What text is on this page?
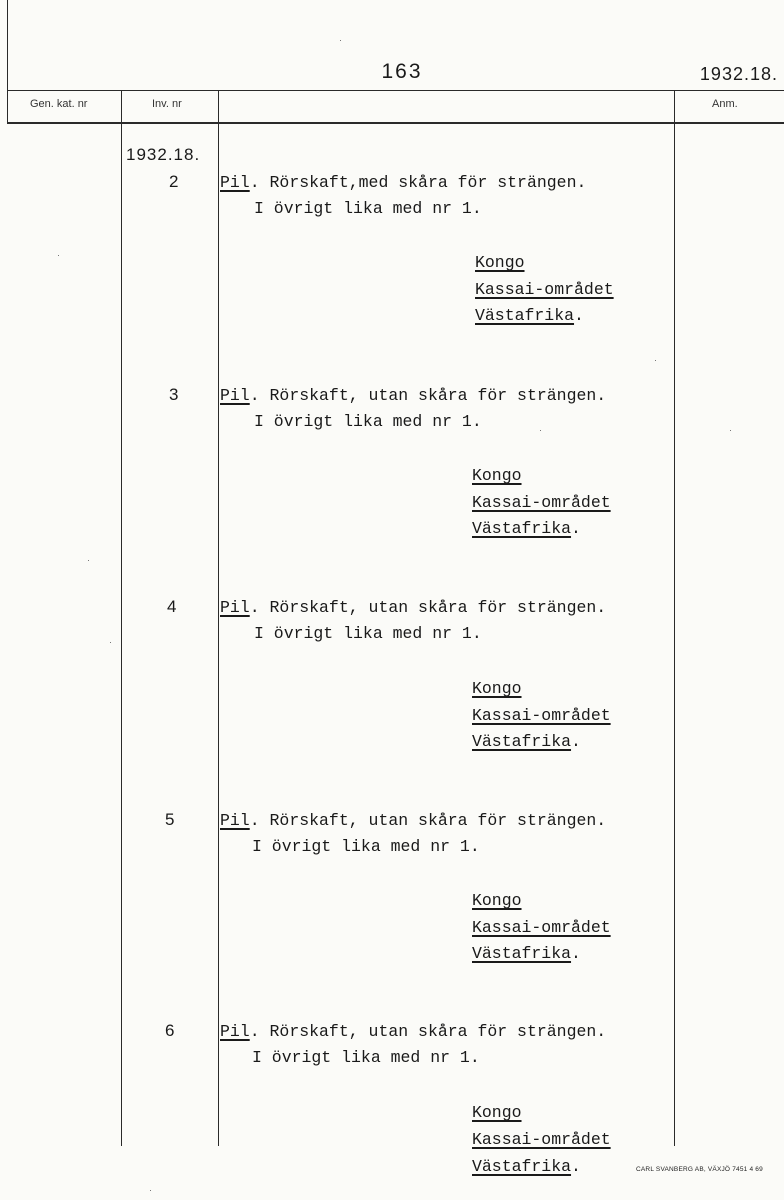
163	1932.18.
Gen. kat. nr	Inv. nr	Anm.
1932.18.
2	Pil. Rörskaft,med skåra för strängen.
I övrigt lika med nr 1.
Kongo
Kassai-området
Västafrika.
3	Pil. Rörskaft, utan skåra för strängen.
I övrigt lika med nr 1.
Kongo
Kassai-området
Västafrika.
4	Pil. Rörskaft, utan skåra för strängen.
I övrigt lika med nr 1.
Kongo
Kassai-området
Västafrika.
5	Pil. Rörskaft, utan skåra för strängen.
I övrigt lika med nr 1.
Kongo
Kassai-området
Västafrika.
6	Pil. Rörskaft, utan skåra för strängen.
I övrigt lika med nr 1.
Kongo
Kassai-området
Västafrika.	CARL SVANBERG AB, VÄXJÖ 7451 4 69
